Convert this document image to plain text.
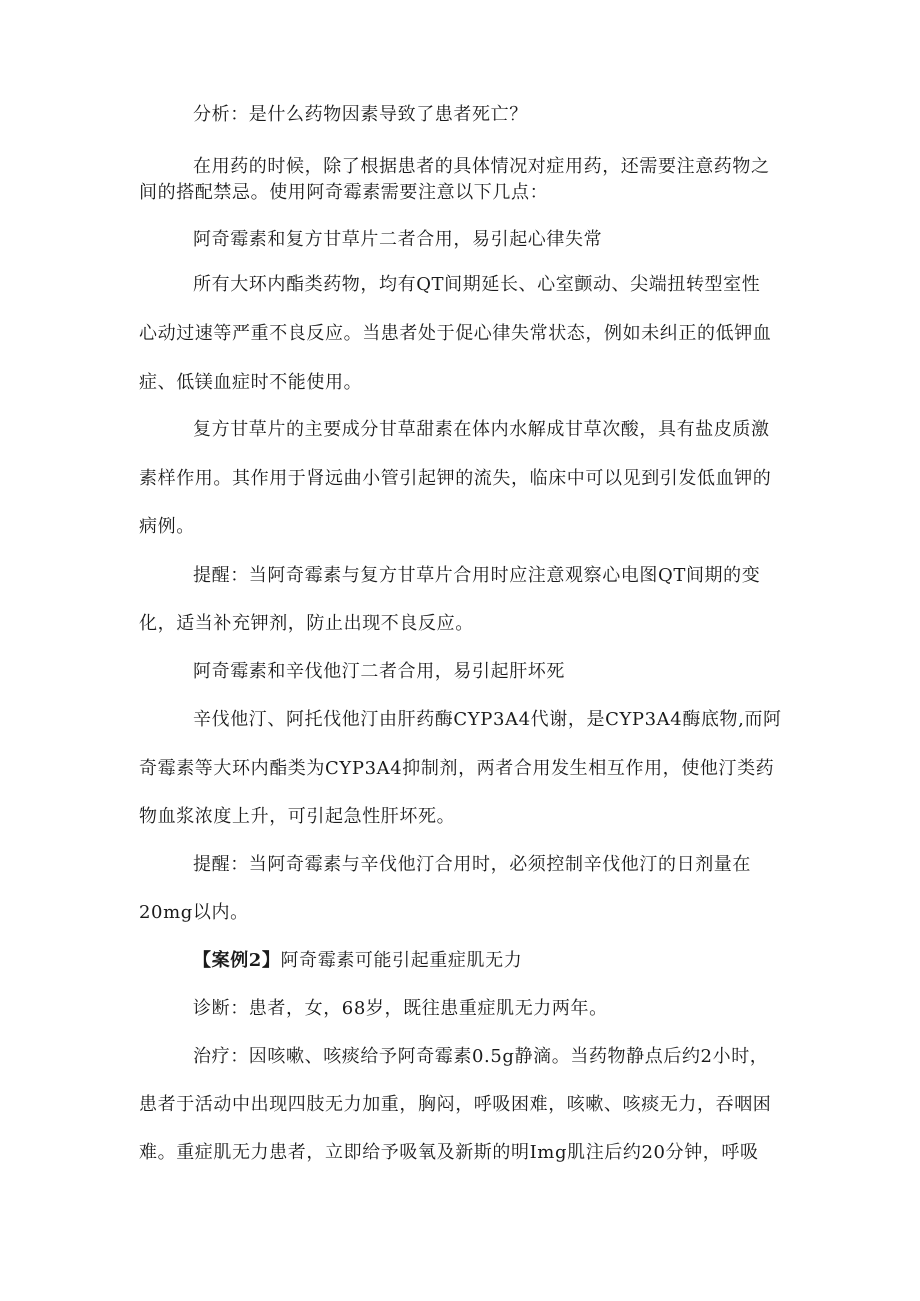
分析：是什么药物因素导致了患者死亡？
在用药的时候，除了根据患者的具体情况对症用药，还需要注意药物之
间的搭配禁忌。使用阿奇霉素需要注意以下几点：
阿奇霉素和复方甘草片二者合用，易引起心律失常
所有大环内酯类药物，均有QT间期延长、心室颤动、尖端扭转型室性
心动过速等严重不良反应。当患者处于促心律失常状态，例如未纠正的低钾血
症、低镁血症时不能使用。
复方甘草片的主要成分甘草甜素在体内水解成甘草次酸，具有盐皮质激
素样作用。其作用于肾远曲小管引起钾的流失，临床中可以见到引发低血钾的
病例。
提醒：当阿奇霉素与复方甘草片合用时应注意观察心电图QT间期的变
化，适当补充钾剂，防止出现不良反应。
阿奇霉素和辛伐他汀二者合用，易引起肝坏死
辛伐他汀、阿托伐他汀由肝药酶CYP3A4代谢，是CYP3A4酶底物,而阿
奇霉素等大环内酯类为CYP3A4抑制剂，两者合用发生相互作用，使他汀类药
物血浆浓度上升，可引起急性肝坏死。
提醒：当阿奇霉素与辛伐他汀合用时，必须控制辛伐他汀的日剂量在
20mg以内。
【案例2】阿奇霉素可能引起重症肌无力
诊断：患者，女，68岁，既往患重症肌无力两年。
治疗：因咳嗽、咳痰给予阿奇霉素0.5g静滴。当药物静点后约2小时，
患者于活动中出现四肢无力加重，胸闷，呼吸困难，咳嗽、咳痰无力，吞咽困
难。重症肌无力患者，立即给予吸氧及新斯的明Img肌注后约20分钟，呼吸
